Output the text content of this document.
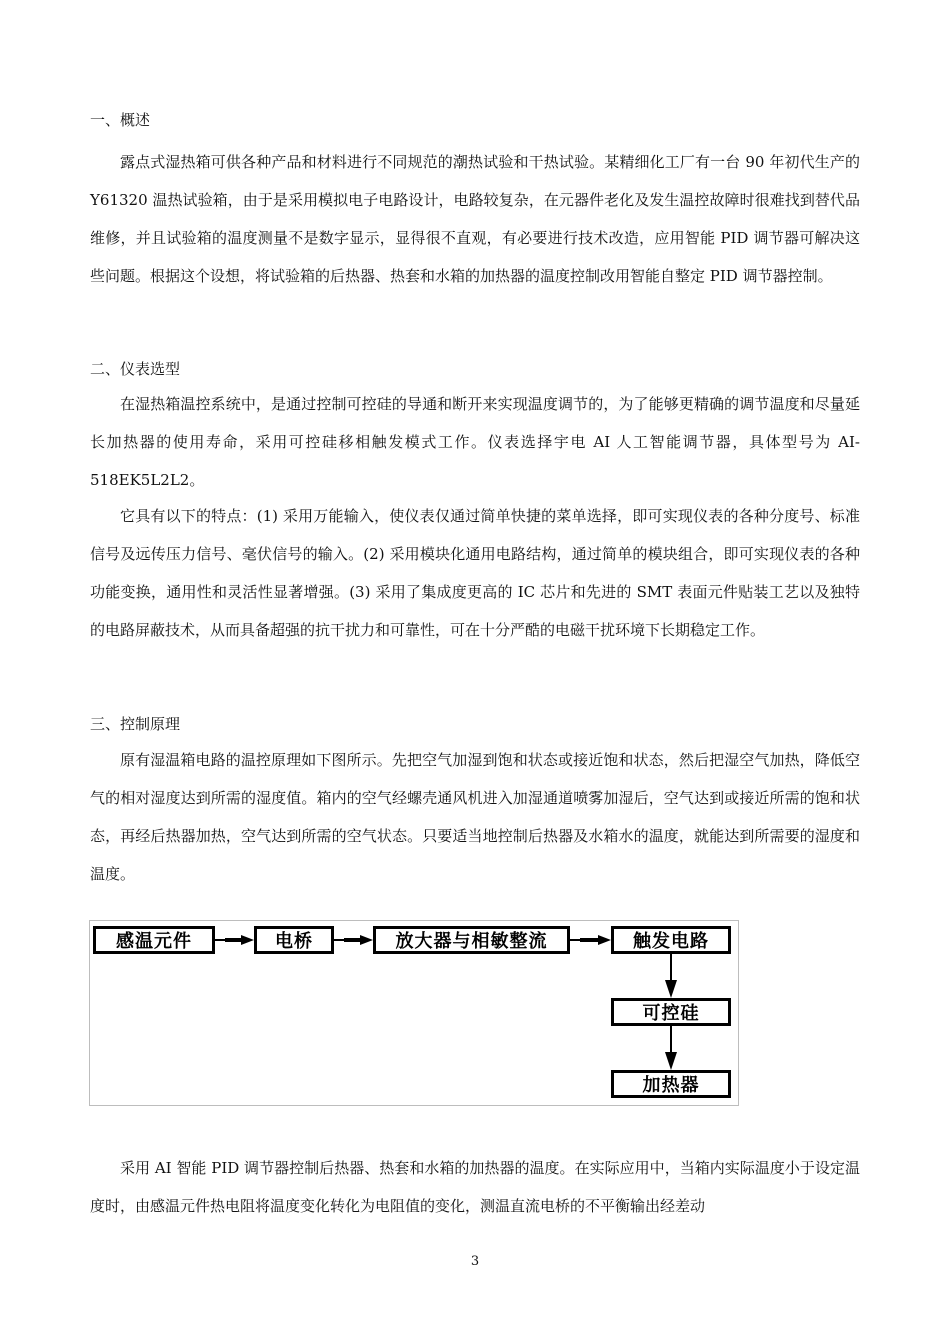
一、概述
露点式湿热箱可供各种产品和材料进行不同规范的潮热试验和干热试验。某精细化工厂有一台 90 年初代生产的 Y61320 温热试验箱，由于是采用模拟电子电路设计，电路较复杂，在元器件老化及发生温控故障时很难找到替代品维修，并且试验箱的温度测量不是数字显示，显得很不直观，有必要进行技术改造，应用智能 PID 调节器可解决这些问题。根据这个设想，将试验箱的后热器、热套和水箱的加热器的温度控制改用智能自整定 PID 调节器控制。
二、仪表选型
在湿热箱温控系统中，是通过控制可控硅的导通和断开来实现温度调节的，为了能够更精确的调节温度和尽量延长加热器的使用寿命，采用可控硅移相触发模式工作。仪表选择宇电 AI 人工智能调节器，具体型号为 AI-518EK5L2L2。
它具有以下的特点：(1) 采用万能输入，使仪表仅通过简单快捷的菜单选择，即可实现仪表的各种分度号、标准信号及远传压力信号、毫伏信号的输入。(2) 采用模块化通用电路结构，通过简单的模块组合，即可实现仪表的各种功能变换，通用性和灵活性显著增强。(3) 采用了集成度更高的 IC 芯片和先进的 SMT 表面元件贴装工艺以及独特的电路屏蔽技术，从而具备超强的抗干扰力和可靠性，可在十分严酷的电磁干扰环境下长期稳定工作。
三、控制原理
原有湿温箱电路的温控原理如下图所示。先把空气加湿到饱和状态或接近饱和状态，然后把湿空气加热，降低空气的相对湿度达到所需的湿度值。箱内的空气经螺壳通风机进入加湿通道喷雾加湿后，空气达到或接近所需的饱和状态，再经后热器加热，空气达到所需的空气状态。只要适当地控制后热器及水箱水的温度，就能达到所需要的湿度和温度。
感温元件	电桥	放大器与相敏整流	触发电路
可控硅
加热器
采用 AI 智能 PID 调节器控制后热器、热套和水箱的加热器的温度。在实际应用中，当箱内实际温度小于设定温度时，由感温元件热电阻将温度变化转化为电阻值的变化，测温直流电桥的不平衡输出经差动
3
